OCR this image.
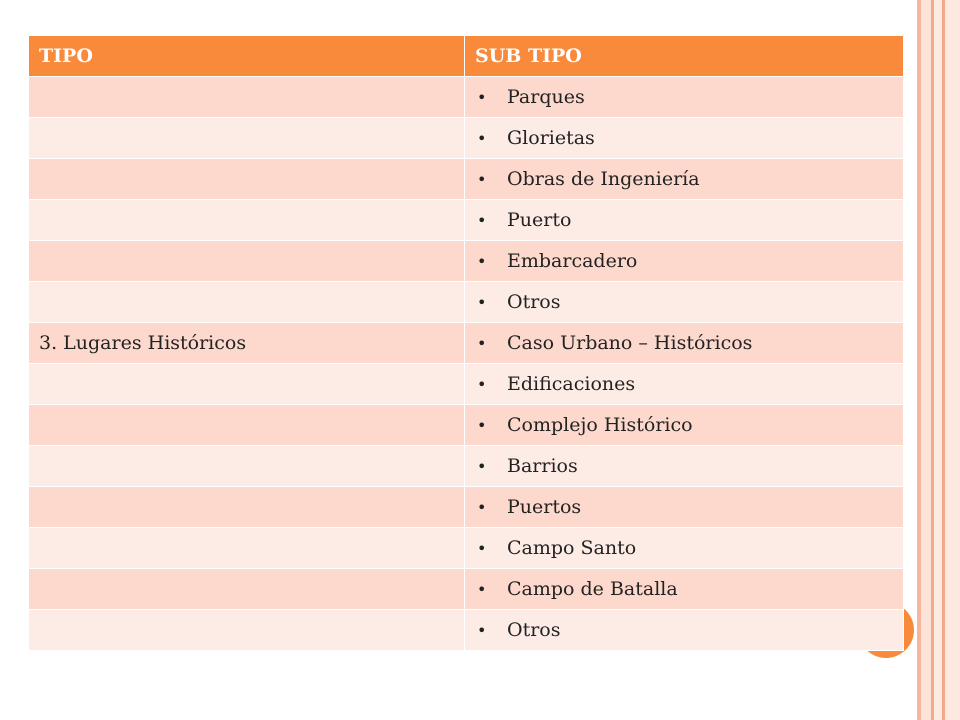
TIPO	SUB TIPO
	• Parques
	• Glorietas
	• Obras de Ingeniería
	• Puerto
	• Embarcadero
	• Otros
3. Lugares Históricos	• Caso Urbano – Históricos
	• Edificaciones
	• Complejo Histórico
	• Barrios
	• Puertos
	• Campo Santo
	• Campo de Batalla
	• Otros
